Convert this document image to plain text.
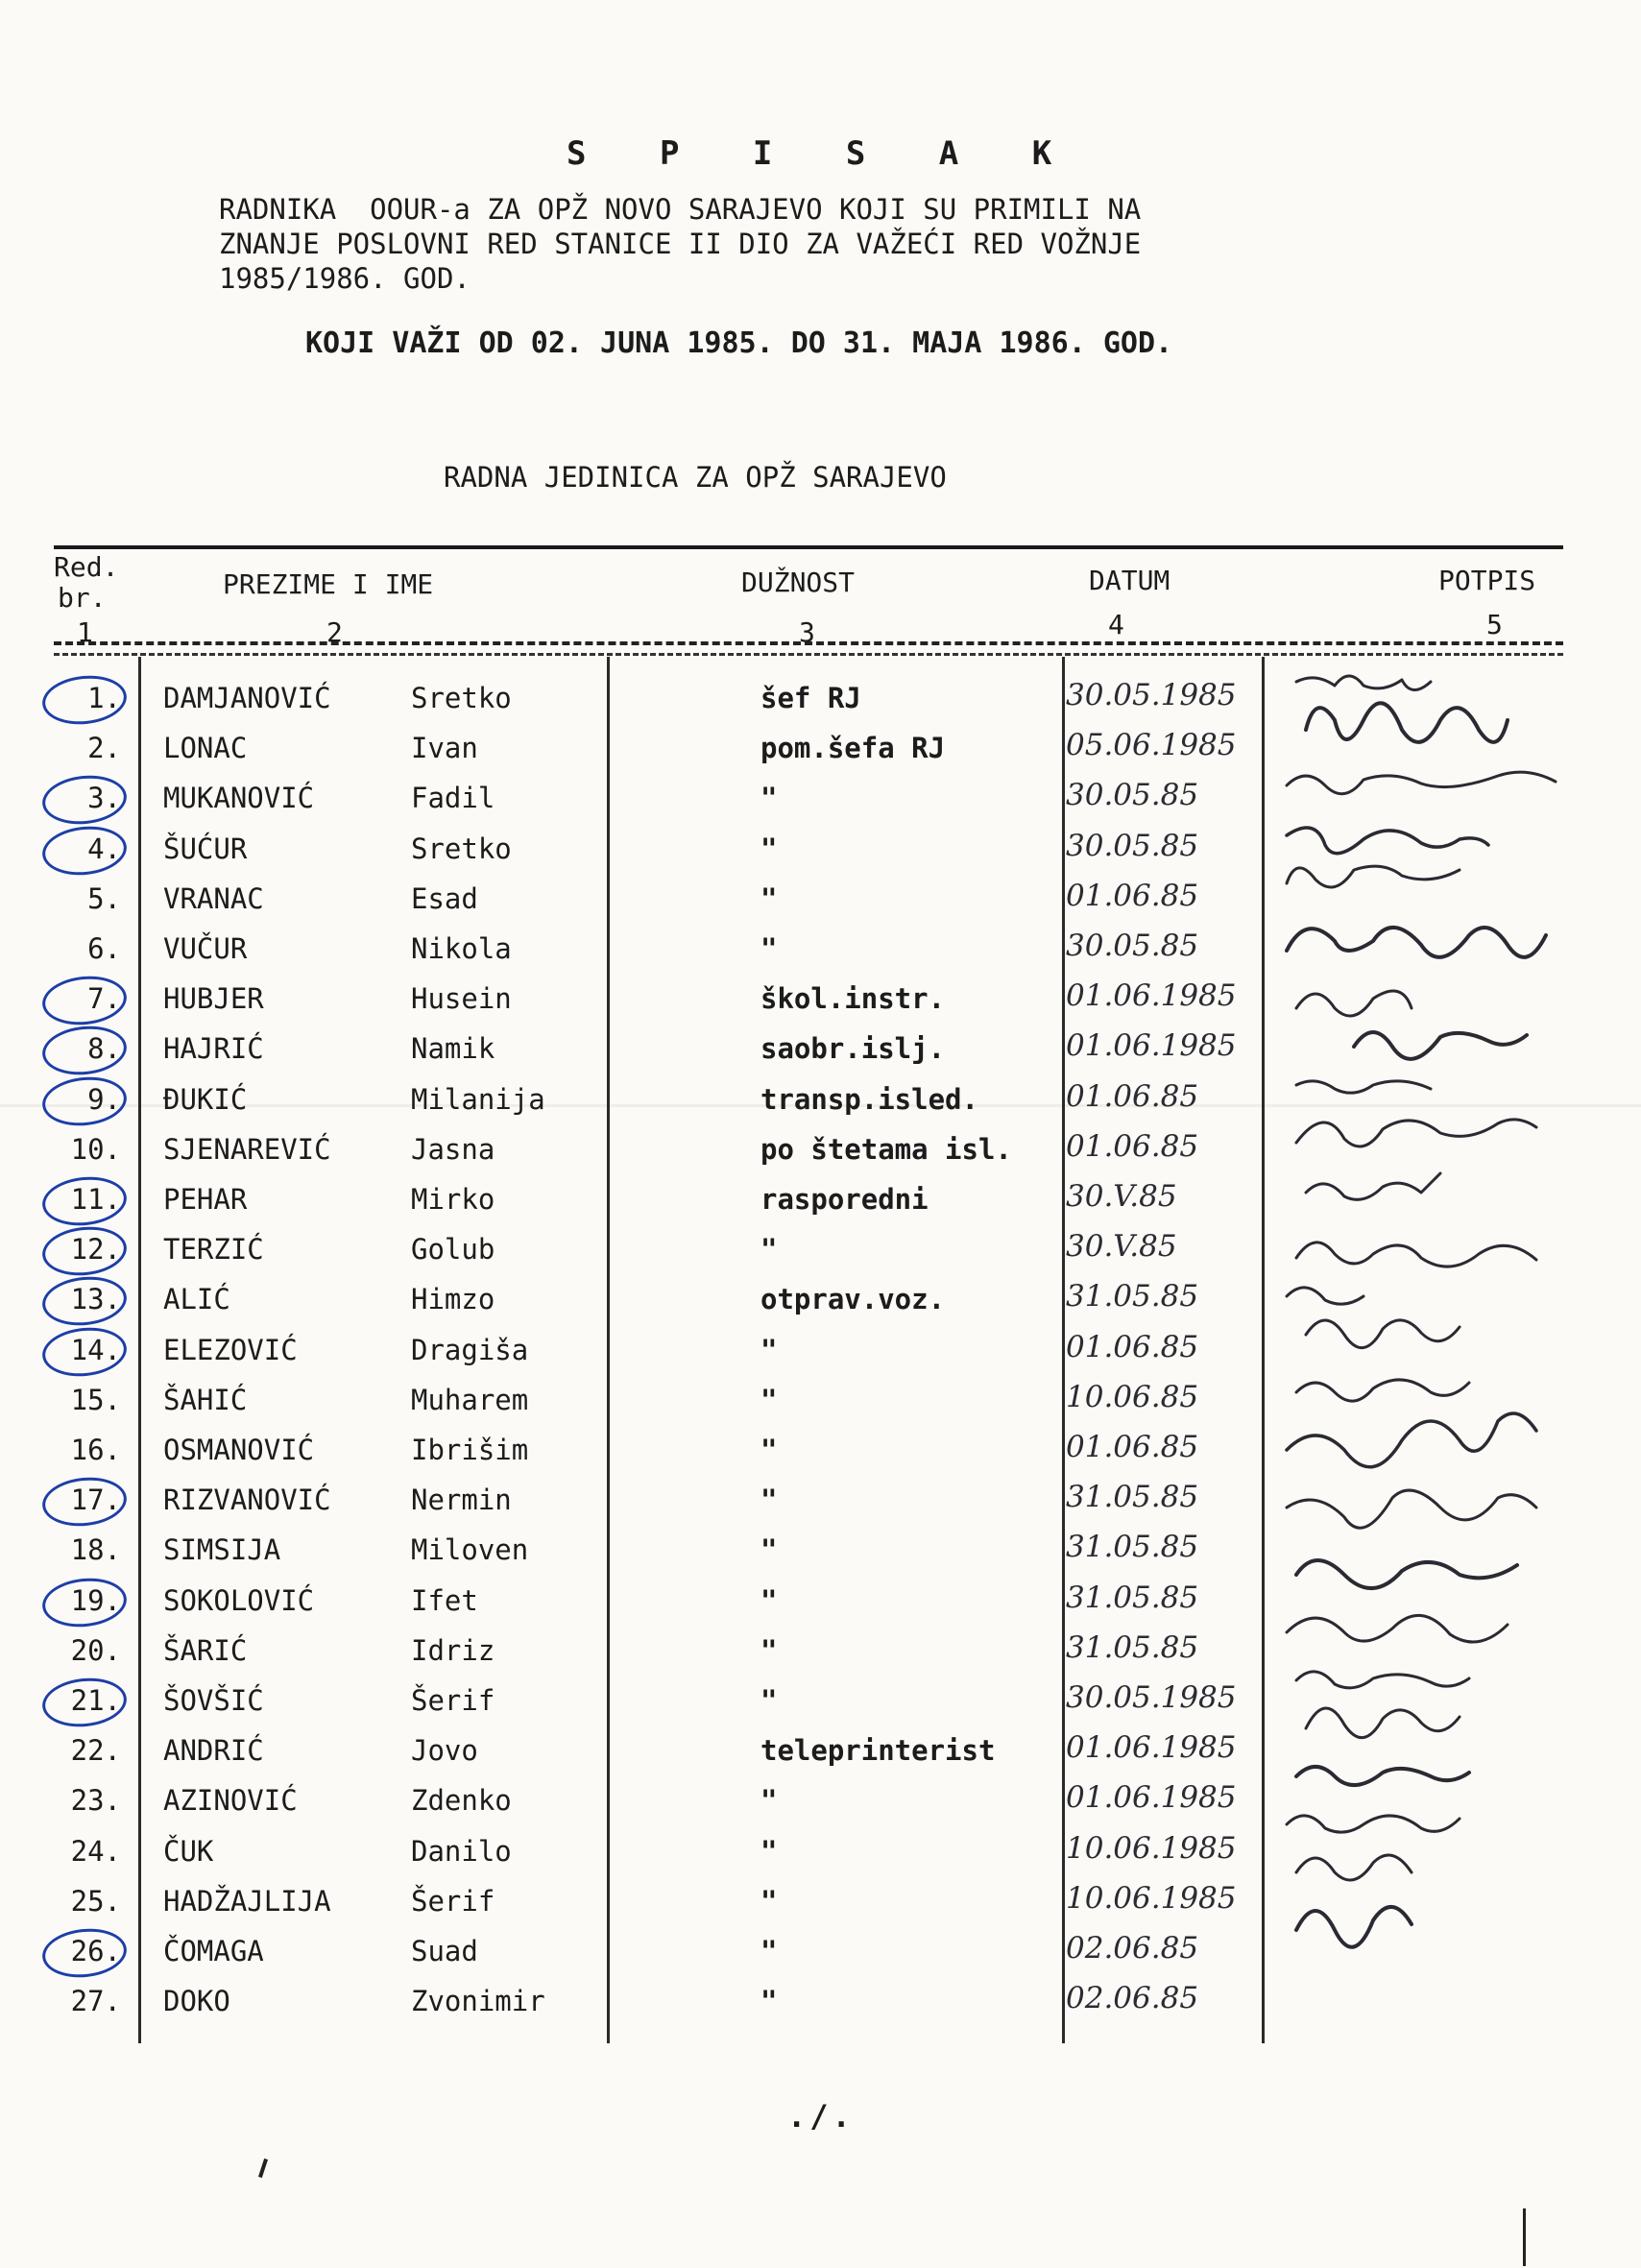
S P I S A K
RADNIKA  OOUR-a ZA OPŽ NOVO SARAJEVO KOJI SU PRIMILI NA
ZNANJE POSLOVNI RED STANICE II DIO ZA VAŽEĆI RED VOŽNJE
1985/1986. GOD.
KOJI VAŽI OD 02. JUNA 1985. DO 31. MAJA 1986. GOD.
RADNA JEDINICA ZA OPŽ SARAJEVO
Red.
br.	PREZIME I IME	DUŽNOST	DATUM	POTPIS
1	2	3	4	5
1. DAMJANOVIĆ	Sretko	šef RJ	30.05.1985
2. LONAC	Ivan	pom.šefa RJ	05.06.1985
3. MUKANOVIĆ	Fadil	"	30.05.85
4. ŠUĆUR	Sretko	"	30.05.85
5. VRANAC	Esad	"	01.06.85
6. VUČUR	Nikola	"	30.05.85
7. HUBJER	Husein	škol.instr.	01.06.1985
8. HAJRIĆ	Namik	saobr.islj.	01.06.1985
9. ĐUKIĆ	Milanija	transp.isled.	01.06.85
10. SJENAREVIĆ	Jasna	po štetama isl. 01.06.85
11. PEHAR	Mirko	rasporedni	30.V.85
12. TERZIĆ	Golub	"	30.V.85
13. ALIĆ	Himzo	otprav.voz.	31.05.85
14. ELEZOVIĆ	Dragiša	"	01.06.85
15. ŠAHIĆ	Muharem	"	10.06.85
16. OSMANOVIĆ	Ibrišim	"	01.06.85
17. RIZVANOVIĆ	Nermin	"	31.05.85
18. SIMSIJA	Miloven	"	31.05.85
19. SOKOLOVIĆ	Ifet	"	31.05.85
20. ŠARIĆ	Idriz	"	31.05.85
21. ŠOVŠIĆ	Šerif	"	30.05.1985
22. ANDRIĆ	Jovo	teleprinterist 01.06.1985
23. AZINOVIĆ	Zdenko	"	01.06.1985
24. ČUK	Danilo	"	10.06.1985
25. HADŽAJLIJA	Šerif	"	10.06.1985
26. ČOMAGA	Suad	"	02.06.85
27. DOKO	Zvonimir	"	02.06.85
./.
